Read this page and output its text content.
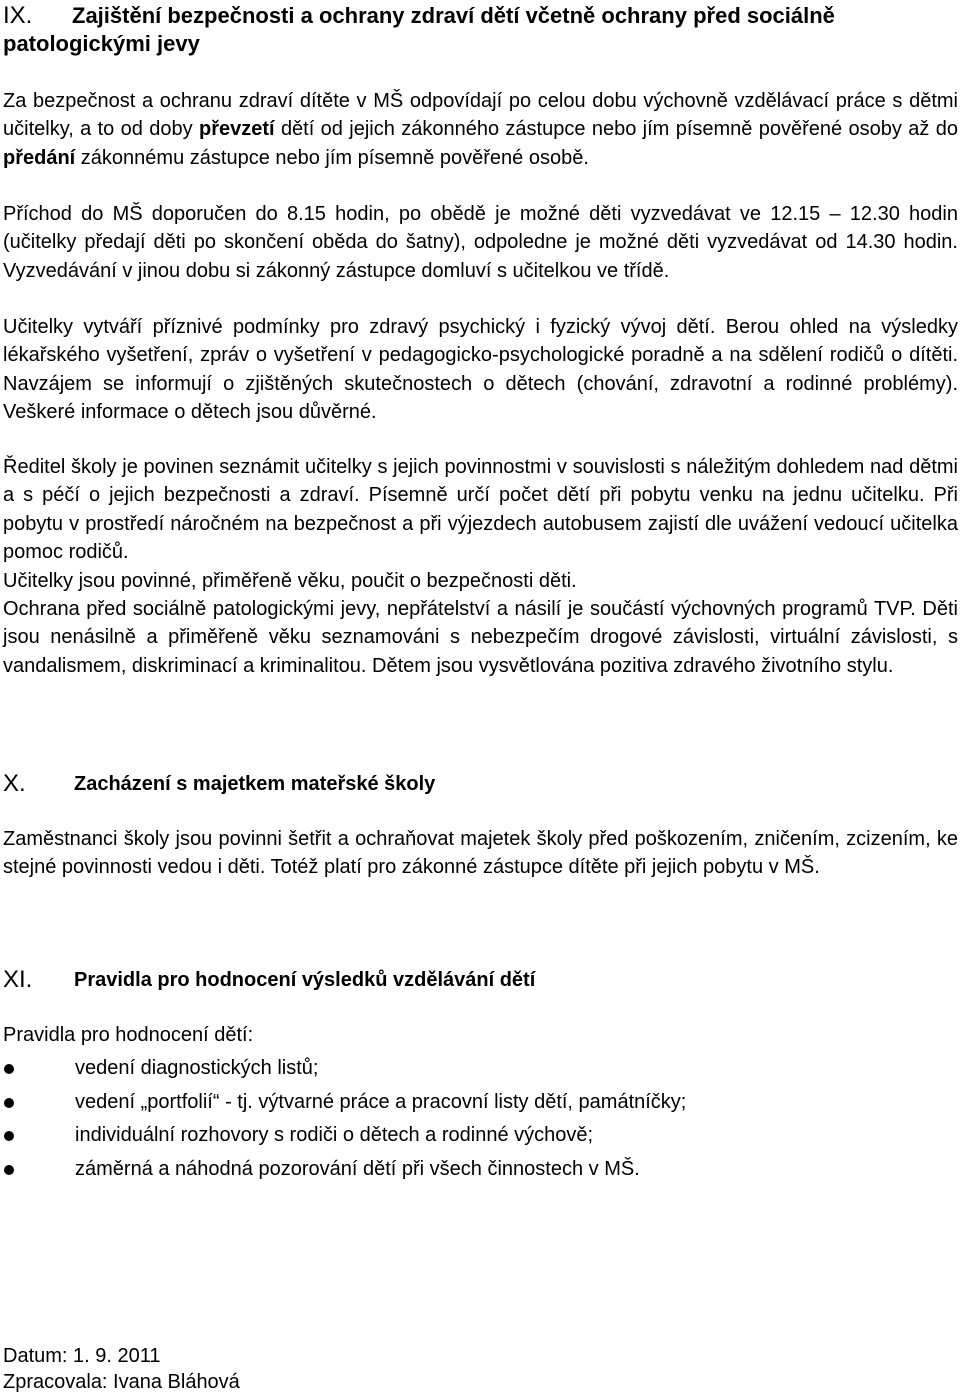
IX.	Zajištění bezpečnosti a ochrany zdraví dětí včetně ochrany před sociálně patologickými jevy

Za bezpečnost a ochranu zdraví dítěte v MŠ odpovídají po celou dobu výchovně vzdělávací práce s dětmi učitelky, a to od doby převzetí dětí od jejich zákonného zástupce nebo jím písemně pověřené osoby až do předání zákonnému zástupce nebo jím písemně pověřené osobě.

Příchod do MŠ doporučen do 8.15 hodin, po obědě je možné děti vyzvedávat ve 12.15 – 12.30 hodin (učitelky předají děti po skončení oběda do šatny), odpoledne je možné děti vyzvedávat od 14.30 hodin. Vyzvedávání v jinou dobu si zákonný zástupce domluví s učitelkou ve třídě.

Učitelky vytváří příznivé podmínky pro zdravý psychický i fyzický vývoj dětí. Berou ohled na výsledky lékařského vyšetření, zpráv o vyšetření v pedagogicko-psychologické poradně a na sdělení rodičů o dítěti. Navzájem se informují o zjištěných skutečnostech o dětech (chování, zdravotní a rodinné problémy). Veškeré informace o dětech jsou důvěrné.

Ředitel školy je povinen seznámit učitelky s jejich povinnostmi v souvislosti s náležitým dohledem nad dětmi a s péčí o jejich bezpečnosti a zdraví. Písemně určí počet dětí při pobytu venku na jednu učitelku. Při pobytu v prostředí náročném na bezpečnost a při výjezdech autobusem zajistí dle uvážení vedoucí učitelka pomoc rodičů.

Učitelky jsou povinné, přiměřeně věku, poučit o bezpečnosti děti.

Ochrana před sociálně patologickými jevy, nepřátelství a násilí je součástí výchovných programů TVP. Děti jsou nenásilně a přiměřeně věku seznamováni s nebezpečím drogové závislosti, virtuální závislosti, s vandalismem, diskriminací a kriminalitou. Dětem jsou vysvětlována pozitiva zdravého životního stylu.

X.	Zacházení s majetkem mateřské školy

Zaměstnanci školy jsou povinni šetřit a ochraňovat majetek školy před poškozením, zničením, zcizením, ke stejné povinnosti vedou i děti. Totéž platí pro zákonné zástupce dítěte při jejich pobytu v MŠ.

XI.	Pravidla pro hodnocení výsledků vzdělávání dětí

Pravidla pro hodnocení dětí:

vedení diagnostických listů;
vedení „portfolií“ - tj. výtvarné práce a pracovní listy dětí, památníčky;
individuální rozhovory s rodiči o dětech a rodinné výchově;
záměrná a náhodná pozorování dětí při všech činnostech v MŠ.
Datum: 1. 9. 2011
Zpracovala: Ivana Bláhová
